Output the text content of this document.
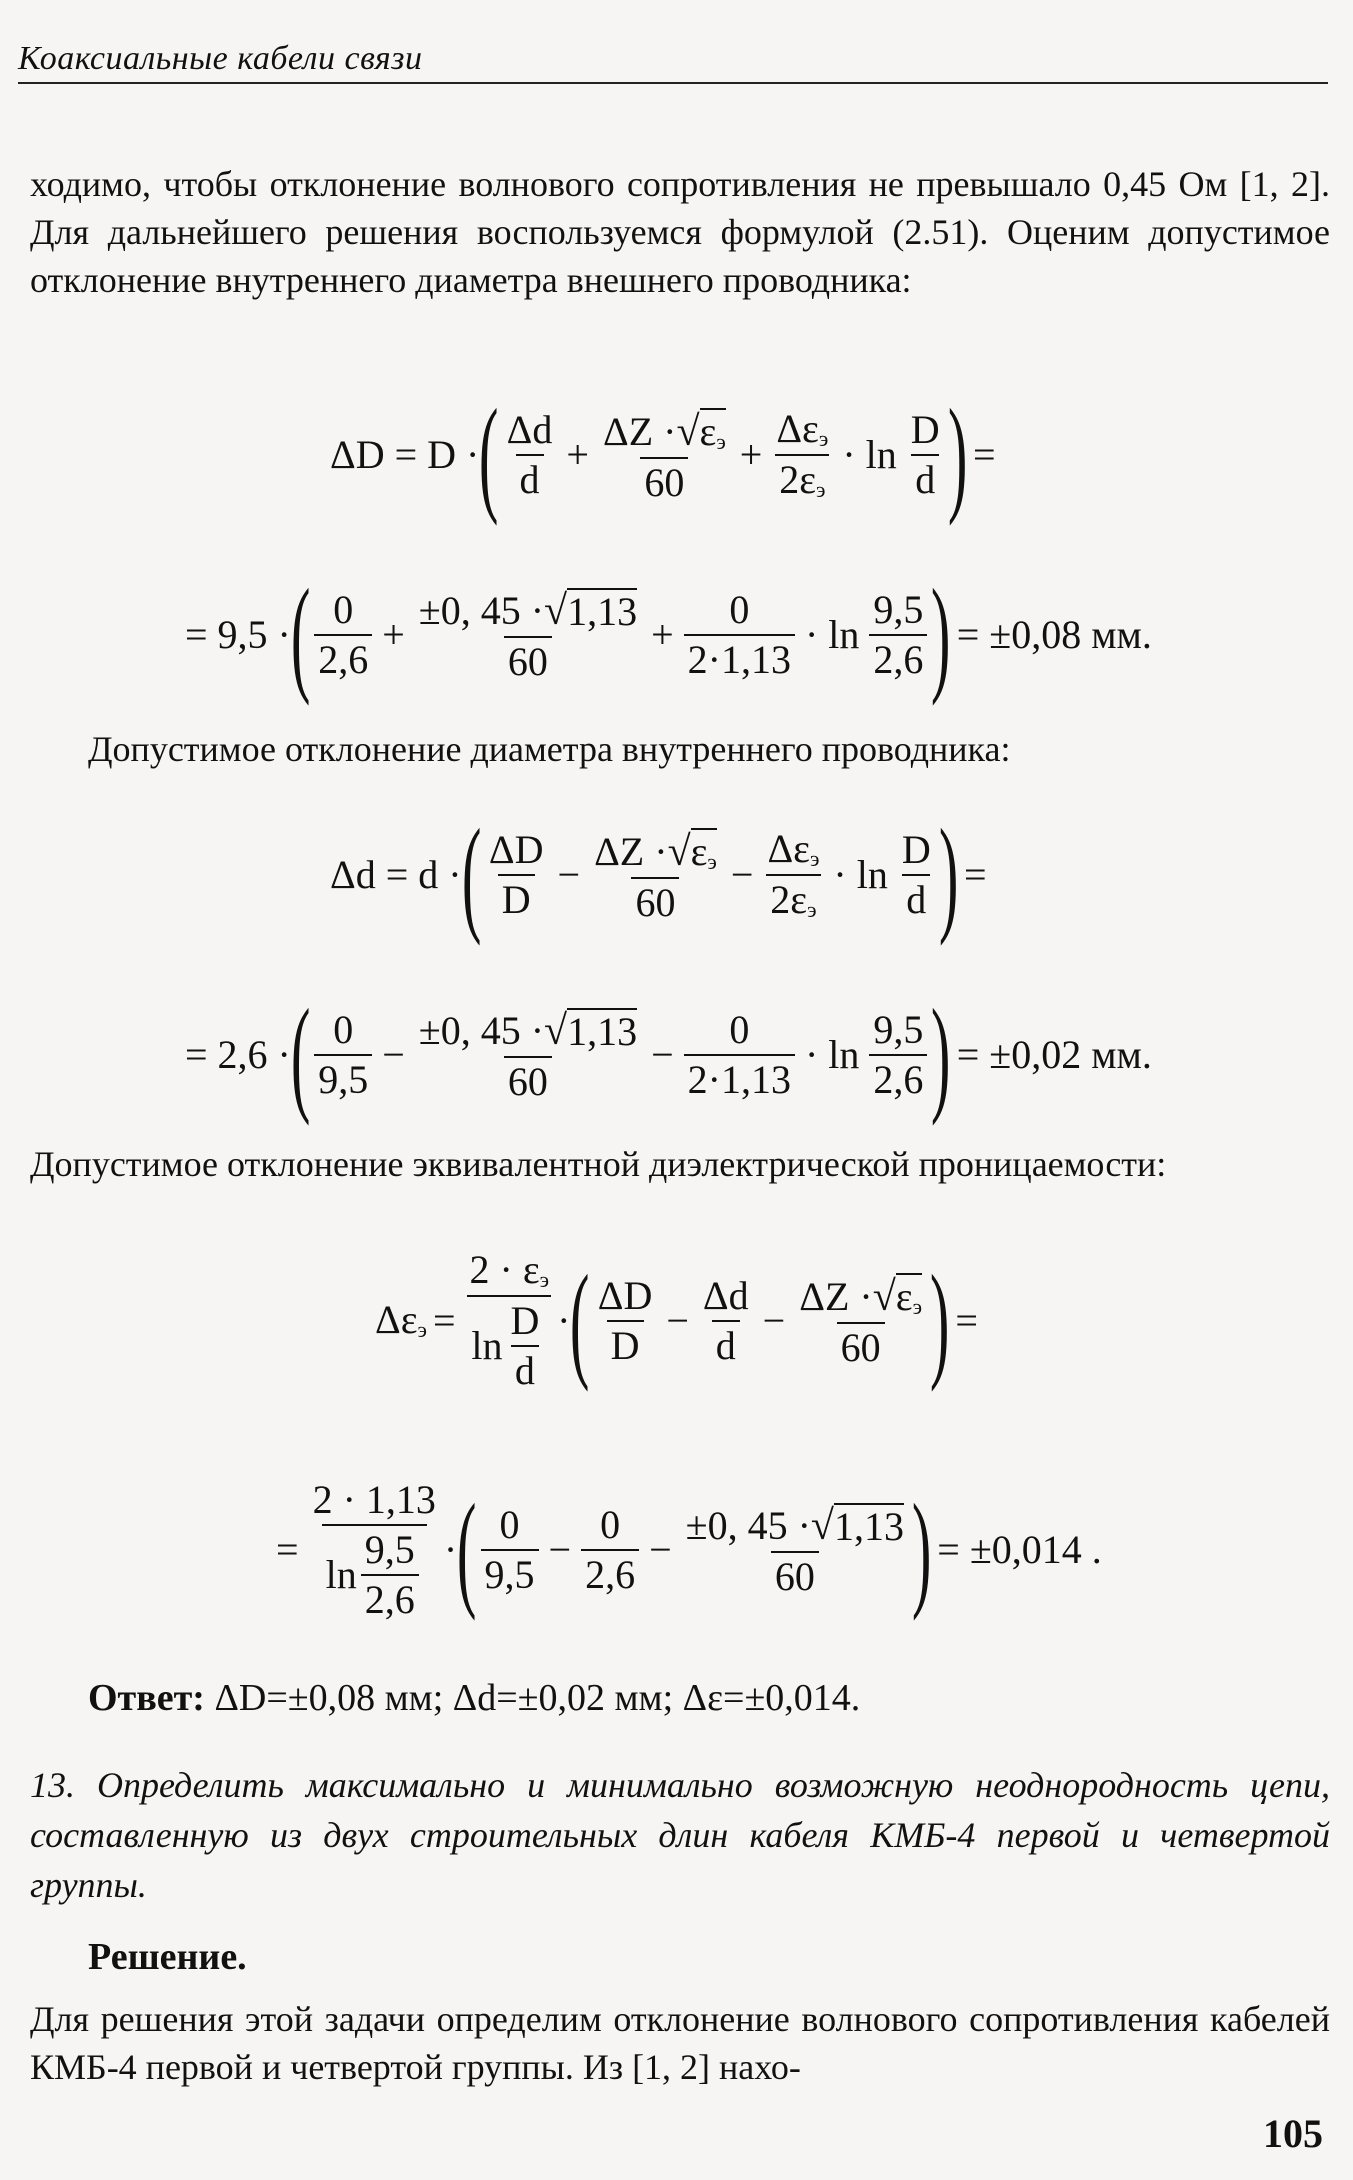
Коаксиальные кабели связи
ходимо, чтобы отклонение волнового сопротивления не превышало 0,45 Ом [1, 2]. Для дальнейшего решения воспользуемся формулой (2.51). Оценим допустимое отклонение внутреннего диаметра внешнего проводника:
ΔD = D · ( $\frac{\Delta d}{d} + \frac{\Delta Z \cdot √ \varepsilon_э}{60} + \frac{\Delta\varepsilon_э}{2\varepsilon_э} \cdot \ln \frac{D}{d}$ ) =
= 9,5 · ( $\frac{0}{2,6} + \frac{\pm 0, 45 \cdot √ 1,13}{60} + \frac{0}{2\cdot 1,13} \cdot \ln \frac{9,5}{2,6}$ ) = ±0,08 мм.
Допустимое отклонение диаметра внутреннего проводника:
Δd = d · ( $\frac{\Delta D}{D} - \frac{\Delta Z \cdot √ \varepsilon_э}{60} - \frac{\Delta\varepsilon_э}{2\varepsilon_э} \cdot \ln \frac{D}{d}$ ) =
= 2,6 · ( $\frac{0}{9,5} - \frac{\pm 0, 45 \cdot √ 1,13}{60} - \frac{0}{2\cdot 1,13} \cdot \ln \frac{9,5}{2,6}$ ) = ±0,02 мм.
Допустимое отклонение эквивалентной диэлектрической проницаемости:
$\Delta\varepsilon_э = \frac{2 \cdot \varepsilon_э}{\ln \frac{D}{d}}$ · ( $\frac{\Delta D}{D} - \frac{\Delta d}{d} - \frac{\Delta Z \cdot √ \varepsilon_э}{60}$ ) =
= $\frac{2 \cdot 1,13}{\ln \frac{9,5}{2,6}}$ · ( $\frac{0}{9,5} - \frac{0}{2,6} - \frac{\pm 0, 45 \cdot √ 1,13}{60}$ ) = ±0,014 .
Ответ: ΔD=±0,08 мм; Δd=±0,02 мм; Δε=±0,014.
13. Определить максимально и минимально возможную неоднородность цепи, составленную из двух строительных длин кабеля КМБ-4 первой и четвертой группы.
Решение.
Для решения этой задачи определим отклонение волнового сопротивления кабелей КМБ-4 первой и четвертой группы. Из [1, 2] нахо-
105
